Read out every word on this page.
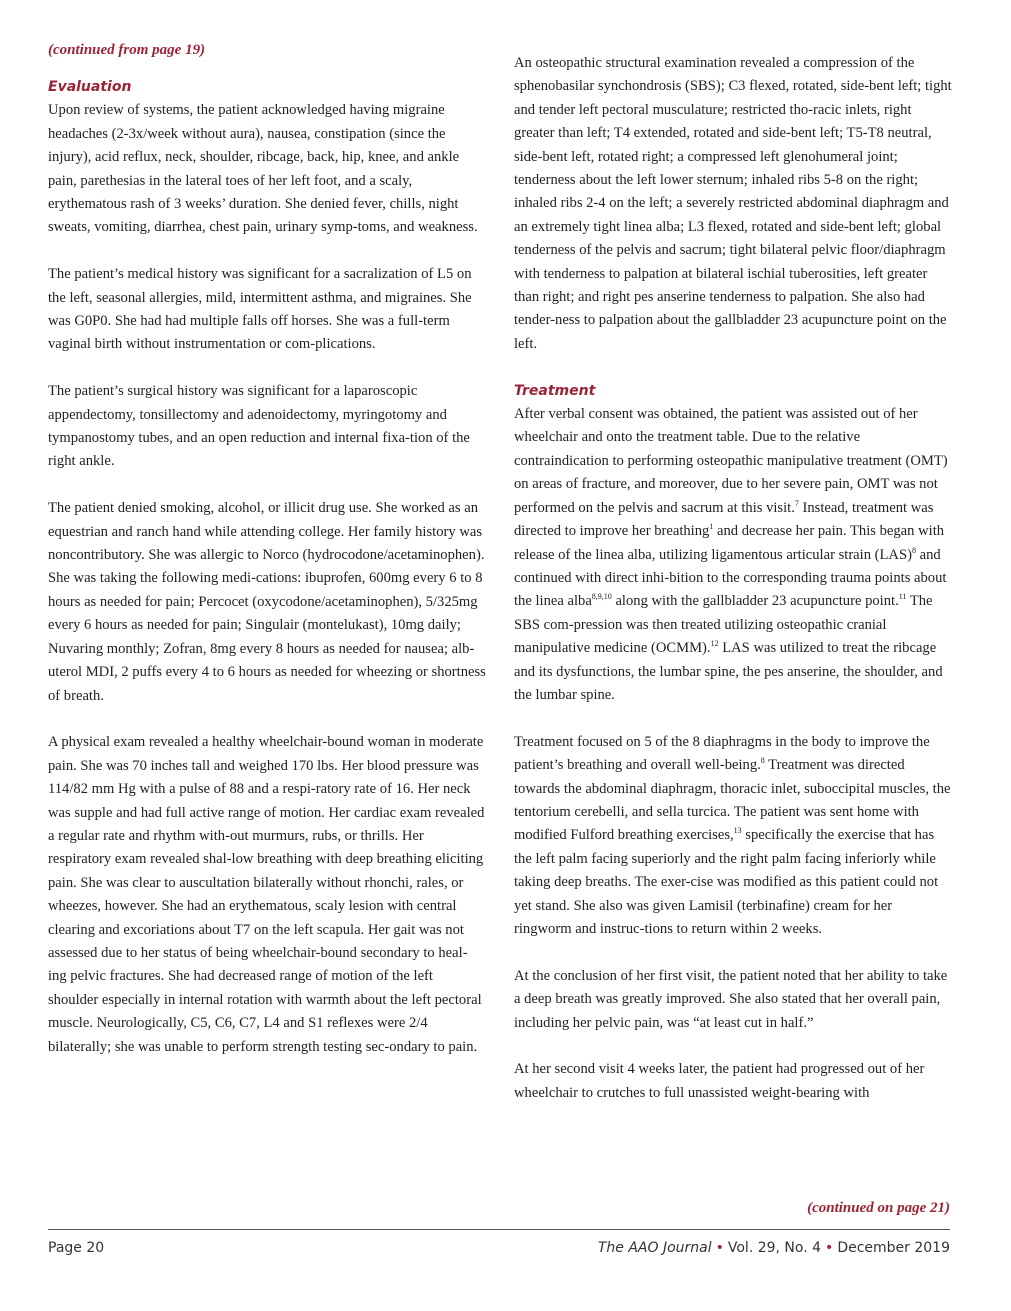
(continued from page 19)
Evaluation

Upon review of systems, the patient acknowledged having migraine headaches (2-3x/week without aura), nausea, constipation (since the injury), acid reflux, neck, shoulder, ribcage, back, hip, knee, and ankle pain, parethesias in the lateral toes of her left foot, and a scaly, erythematous rash of 3 weeks’ duration. She denied fever, chills, night sweats, vomiting, diarrhea, chest pain, urinary symp-toms, and weakness.

The patient’s medical history was significant for a sacralization of L5 on the left, seasonal allergies, mild, intermittent asthma, and migraines. She was G0P0. She had had multiple falls off horses. She was a full-term vaginal birth without instrumentation or com-plications.

The patient’s surgical history was significant for a laparoscopic appendectomy, tonsillectomy and adenoidectomy, myringotomy and tympanostomy tubes, and an open reduction and internal fixa-tion of the right ankle.

The patient denied smoking, alcohol, or illicit drug use. She worked as an equestrian and ranch hand while attending college. Her family history was noncontributory. She was allergic to Norco (hydrocodone/acetaminophen). She was taking the following medi-cations: ibuprofen, 600mg every 6 to 8 hours as needed for pain; Percocet (oxycodone/acetaminophen), 5/325mg every 6 hours as needed for pain; Singulair (montelukast), 10mg daily; Nuvaring monthly; Zofran, 8mg every 8 hours as needed for nausea; alb-uterol MDI, 2 puffs every 4 to 6 hours as needed for wheezing or shortness of breath.

A physical exam revealed a healthy wheelchair-bound woman in moderate pain. She was 70 inches tall and weighed 170 lbs. Her blood pressure was 114/82 mm Hg with a pulse of 88 and a respi-ratory rate of 16. Her neck was supple and had full active range of motion. Her cardiac exam revealed a regular rate and rhythm with-out murmurs, rubs, or thrills. Her respiratory exam revealed shal-low breathing with deep breathing eliciting pain. She was clear to auscultation bilaterally without rhonchi, rales, or wheezes, however. She had an erythematous, scaly lesion with central clearing and excoriations about T7 on the left scapula. Her gait was not assessed due to her status of being wheelchair-bound secondary to heal-ing pelvic fractures. She had decreased range of motion of the left shoulder especially in internal rotation with warmth about the left pectoral muscle. Neurologically, C5, C6, C7, L4 and S1 reflexes were 2/4 bilaterally; she was unable to perform strength testing sec-ondary to pain.

An osteopathic structural examination revealed a compression of the sphenobasilar synchondrosis (SBS); C3 flexed, rotated, side-bent left; tight and tender left pectoral musculature; restricted tho-racic inlets, right greater than left; T4 extended, rotated and side-bent left; T5-T8 neutral, side-bent left, rotated right; a compressed left glenohumeral joint; tenderness about the left lower sternum; inhaled ribs 5-8 on the right; inhaled ribs 2-4 on the left; a severely restricted abdominal diaphragm and an extremely tight linea alba; L3 flexed, rotated and side-bent left; global tenderness of the pelvis and sacrum; tight bilateral pelvic floor/diaphragm with tenderness to palpation at bilateral ischial tuberosities, left greater than right; and right pes anserine tenderness to palpation. She also had tender-ness to palpation about the gallbladder 23 acupuncture point on the left.

Treatment

After verbal consent was obtained, the patient was assisted out of her wheelchair and onto the treatment table. Due to the relative contraindication to performing osteopathic manipulative treatment (OMT) on areas of fracture, and moreover, due to her severe pain, OMT was not performed on the pelvis and sacrum at this visit.$^7$ Instead, treatment was directed to improve her breathing$^1$ and decrease her pain. This began with release of the linea alba, utilizing ligamentous articular strain (LAS)$^8$ and continued with direct inhi-bition to the corresponding trauma points about the linea alba$^{8,9,10}$ along with the gallbladder 23 acupuncture point.$^{11}$ The SBS com-pression was then treated utilizing osteopathic cranial manipulative medicine (OCMM).$^{12}$ LAS was utilized to treat the ribcage and its dysfunctions, the lumbar spine, the pes anserine, the shoulder, and the lumbar spine.

Treatment focused on 5 of the 8 diaphragms in the body to improve the patient’s breathing and overall well-being.$^8$ Treatment was directed towards the abdominal diaphragm, thoracic inlet, suboccipital muscles, the tentorium cerebelli, and sella turcica. The patient was sent home with modified Fulford breathing exercises,$^{13}$ specifically the exercise that has the left palm facing superiorly and the right palm facing inferiorly while taking deep breaths. The exer-cise was modified as this patient could not yet stand. She also was given Lamisil (terbinafine) cream for her ringworm and instruc-tions to return within 2 weeks.

At the conclusion of her first visit, the patient noted that her ability to take a deep breath was greatly improved. She also stated that her overall pain, including her pelvic pain, was “at least cut in half.”

At her second visit 4 weeks later, the patient had progressed out of her wheelchair to crutches to full unassisted weight-bearing with

(continued on page 21)
Page 20	The AAO Journal • Vol. 29, No. 4 • December 2019
